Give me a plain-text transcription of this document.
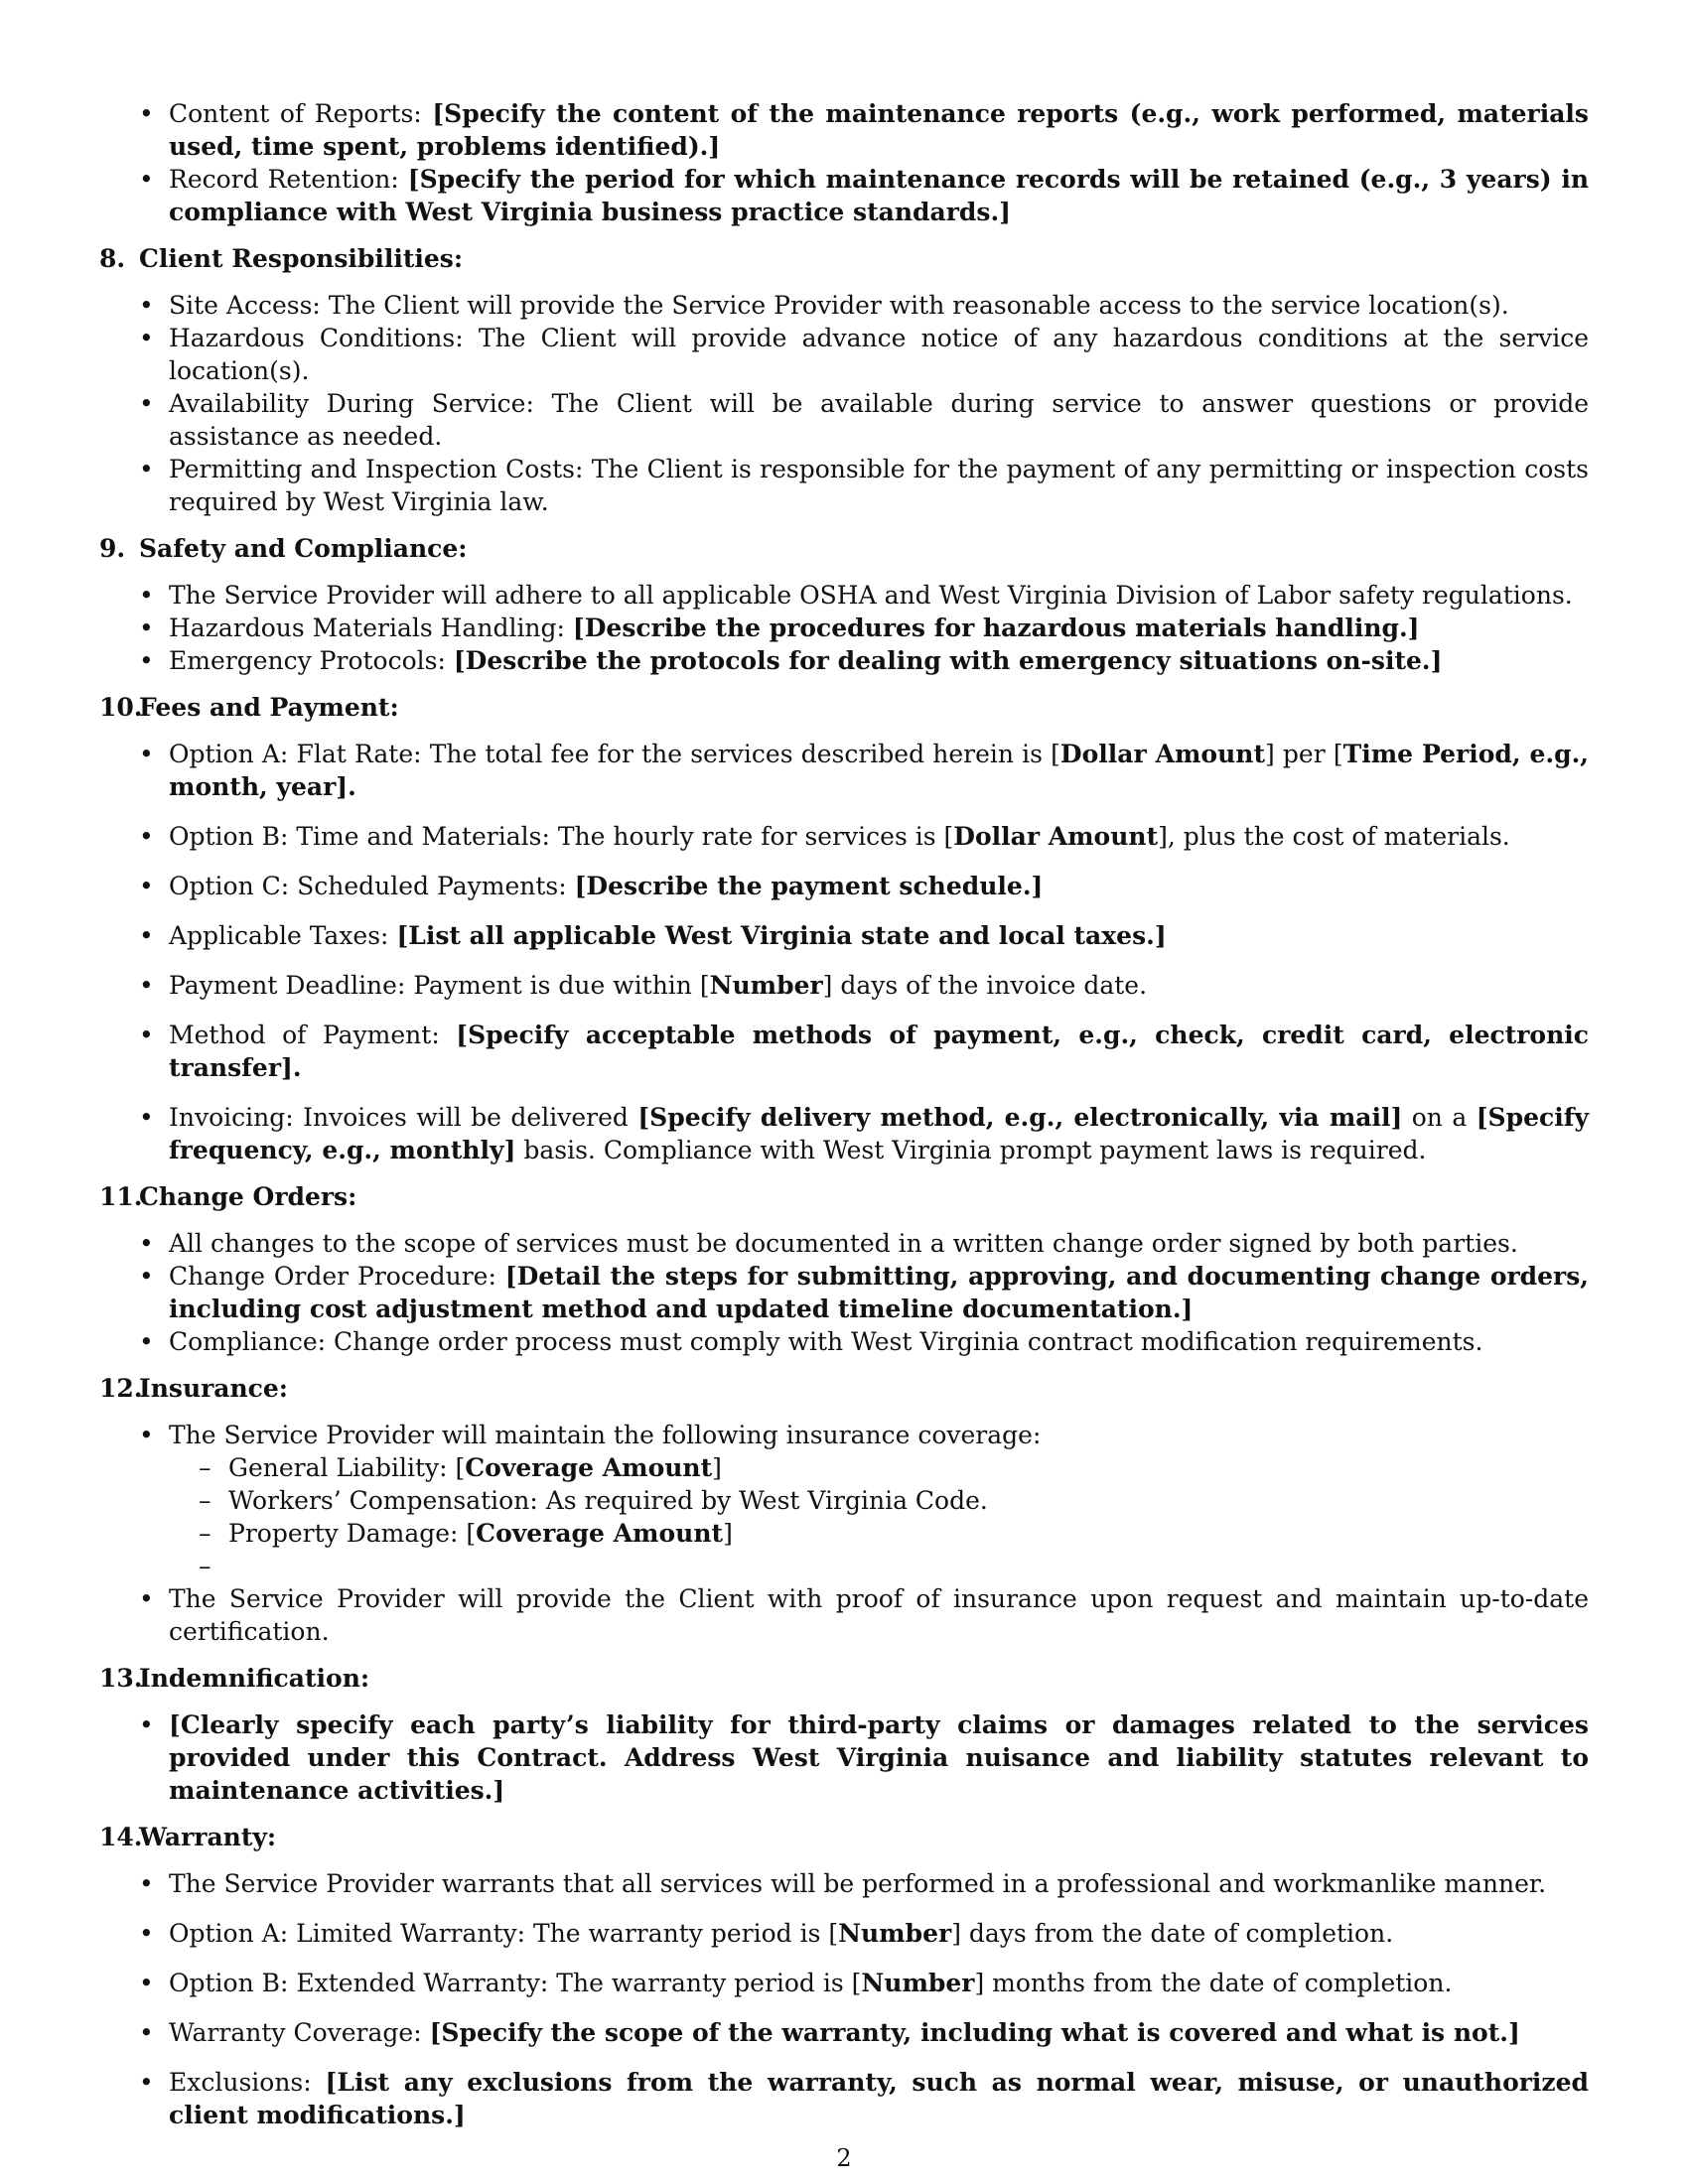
• Content of Reports: [Specify the content of the maintenance reports (e.g., work performed, materials used, time spent, problems identified).]
• Record Retention: [Specify the period for which maintenance records will be retained (e.g., 3 years) in compliance with West Virginia business practice standards.]
8. Client Responsibilities:
• Site Access: The Client will provide the Service Provider with reasonable access to the service location(s).
• Hazardous Conditions: The Client will provide advance notice of any hazardous conditions at the service location(s).
• Availability During Service: The Client will be available during service to answer questions or provide assistance as needed.
• Permitting and Inspection Costs: The Client is responsible for the payment of any permitting or inspection costs required by West Virginia law.
9. Safety and Compliance:
• The Service Provider will adhere to all applicable OSHA and West Virginia Division of Labor safety regulations.
• Hazardous Materials Handling: [Describe the procedures for hazardous materials handling.]
• Emergency Protocols: [Describe the protocols for dealing with emergency situations on-site.]
10.Fees and Payment:
• Option A: Flat Rate: The total fee for the services described herein is [Dollar Amount] per [Time Period, e.g., month, year].
• Option B: Time and Materials: The hourly rate for services is [Dollar Amount], plus the cost of materials.
• Option C: Scheduled Payments: [Describe the payment schedule.]
• Applicable Taxes: [List all applicable West Virginia state and local taxes.]
• Payment Deadline: Payment is due within [Number] days of the invoice date.
• Method of Payment: [Specify acceptable methods of payment, e.g., check, credit card, electronic transfer].
• Invoicing: Invoices will be delivered [Specify delivery method, e.g., electronically, via mail] on a [Specify frequency, e.g., monthly] basis. Compliance with West Virginia prompt payment laws is required.
11.Change Orders:
• All changes to the scope of services must be documented in a written change order signed by both parties.
• Change Order Procedure: [Detail the steps for submitting, approving, and documenting change orders, including cost adjustment method and updated timeline documentation.]
• Compliance: Change order process must comply with West Virginia contract modification requirements.
12.Insurance:
• The Service Provider will maintain the following insurance coverage:
– General Liability: [Coverage Amount]
– Workers’ Compensation: As required by West Virginia Code.
– Property Damage: [Coverage Amount]
–

• The Service Provider will provide the Client with proof of insurance upon request and maintain up-to-date certification.
13.Indemnification:
• [Clearly specify each party’s liability for third-party claims or damages related to the services provided under this Contract. Address West Virginia nuisance and liability statutes relevant to maintenance activities.]
14.Warranty:
• The Service Provider warrants that all services will be performed in a professional and workmanlike manner.
• Option A: Limited Warranty: The warranty period is [Number] days from the date of completion.
• Option B: Extended Warranty: The warranty period is [Number] months from the date of completion.
• Warranty Coverage: [Specify the scope of the warranty, including what is covered and what is not.]
• Exclusions: [List any exclusions from the warranty, such as normal wear, misuse, or unauthorized client modifications.]
2
